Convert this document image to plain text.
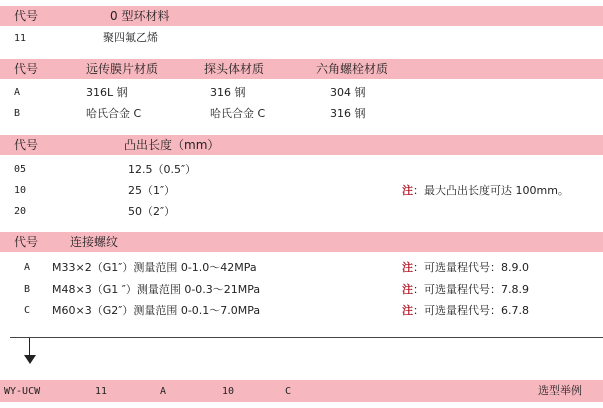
代号	0 型环材料
11	聚四氟乙烯
代号	远传膜片材质	探头体材质	六角螺栓材质
A	316L 钢	316 钢	304 钢
B	哈氏合金 C	哈氏合金 C	316 钢
代号	凸出长度（mm）
05	12.5（0.5″）
10	25（1″）
20	50（2″）
注：最大凸出长度可达 100mm。
代号	连接螺纹
A M33×2（G1″）测量范围 0-1.0～42MPa	注：可选量程代号：8.9.0
B M48×3（G1 ″）测量范围 0-0.3～21MPa	注：可选量程代号：7.8.9
C M60×3（G2″）测量范围 0-0.1～7.0MPa	注：可选量程代号：6.7.8
WY-UCW	11	A	10	C	选型举例
